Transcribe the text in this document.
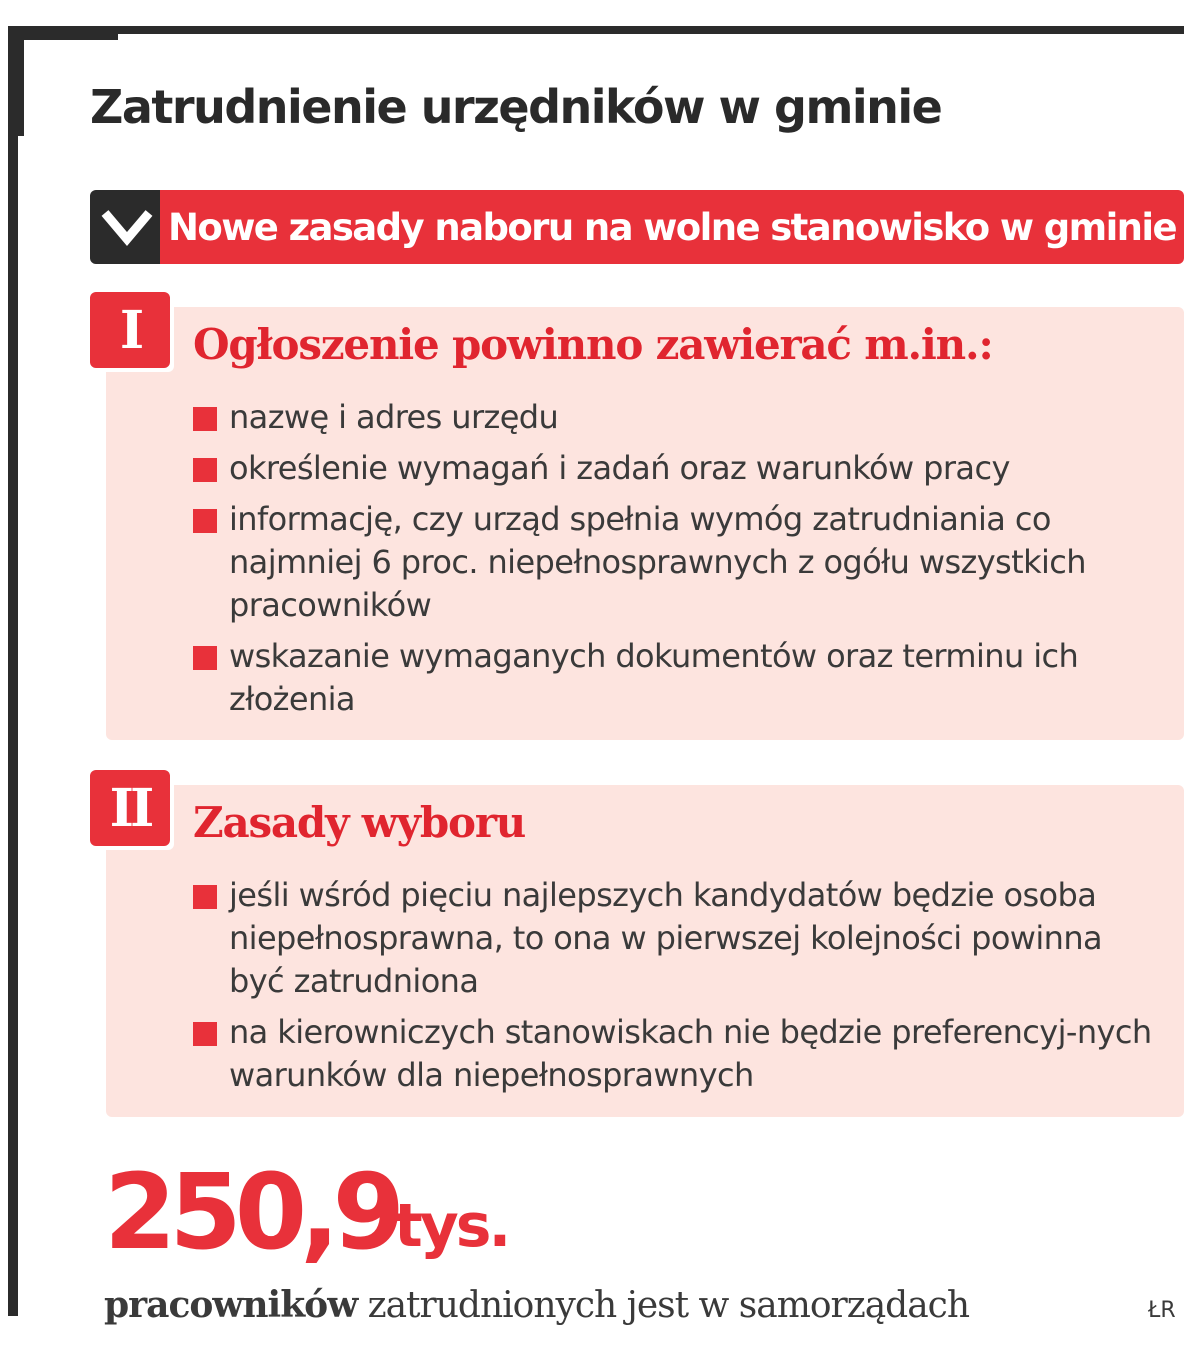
Zatrudnienie urzędników w gminie
Nowe zasady naboru na wolne stanowisko w gminie
I	Ogłoszenie powinno zawierać m.in.:
nazwę i adres urzędu
określenie wymagań i zadań oraz warunków pracy
informację, czy urząd spełnia wymóg zatrudniania co najmniej 6 proc. niepełnosprawnych z ogółu wszystkich pracowników
wskazanie wymaganych dokumentów oraz terminu ich złożenia
II	Zasady wyboru
jeśli wśród pięciu najlepszych kandydatów będzie osoba niepełnosprawna, to ona w pierwszej kolejności powinna być zatrudniona
na kierowniczych stanowiskach nie będzie preferencyj-nych warunków dla niepełnosprawnych
250,9
tys.
pracowników zatrudnionych jest w samorządach	ŁR
